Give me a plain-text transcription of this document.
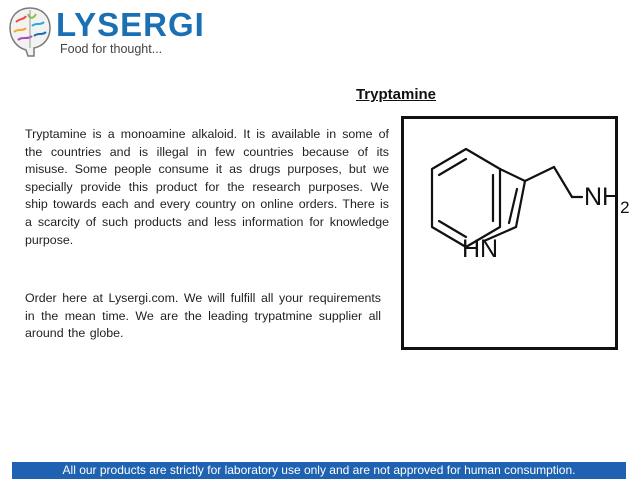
LYSERGI
Food for thought...
Tryptamine
Tryptamine is a monoamine alkaloid. It is available in some of the countries and is illegal in few countries because of its misuse. Some people consume it as drugs purposes, but we specially provide this product for the research purposes. We ship towards each and every country on online orders. There is a scarcity of such products and less information for knowledge purpose.
Order here at Lysergi.com. We will fulfill all your requirements in the mean time. We are the leading trypatmine supplier all around the globe.
$NH_2$
HN
All our products are strictly for laboratory use only and are not approved for human consumption.
